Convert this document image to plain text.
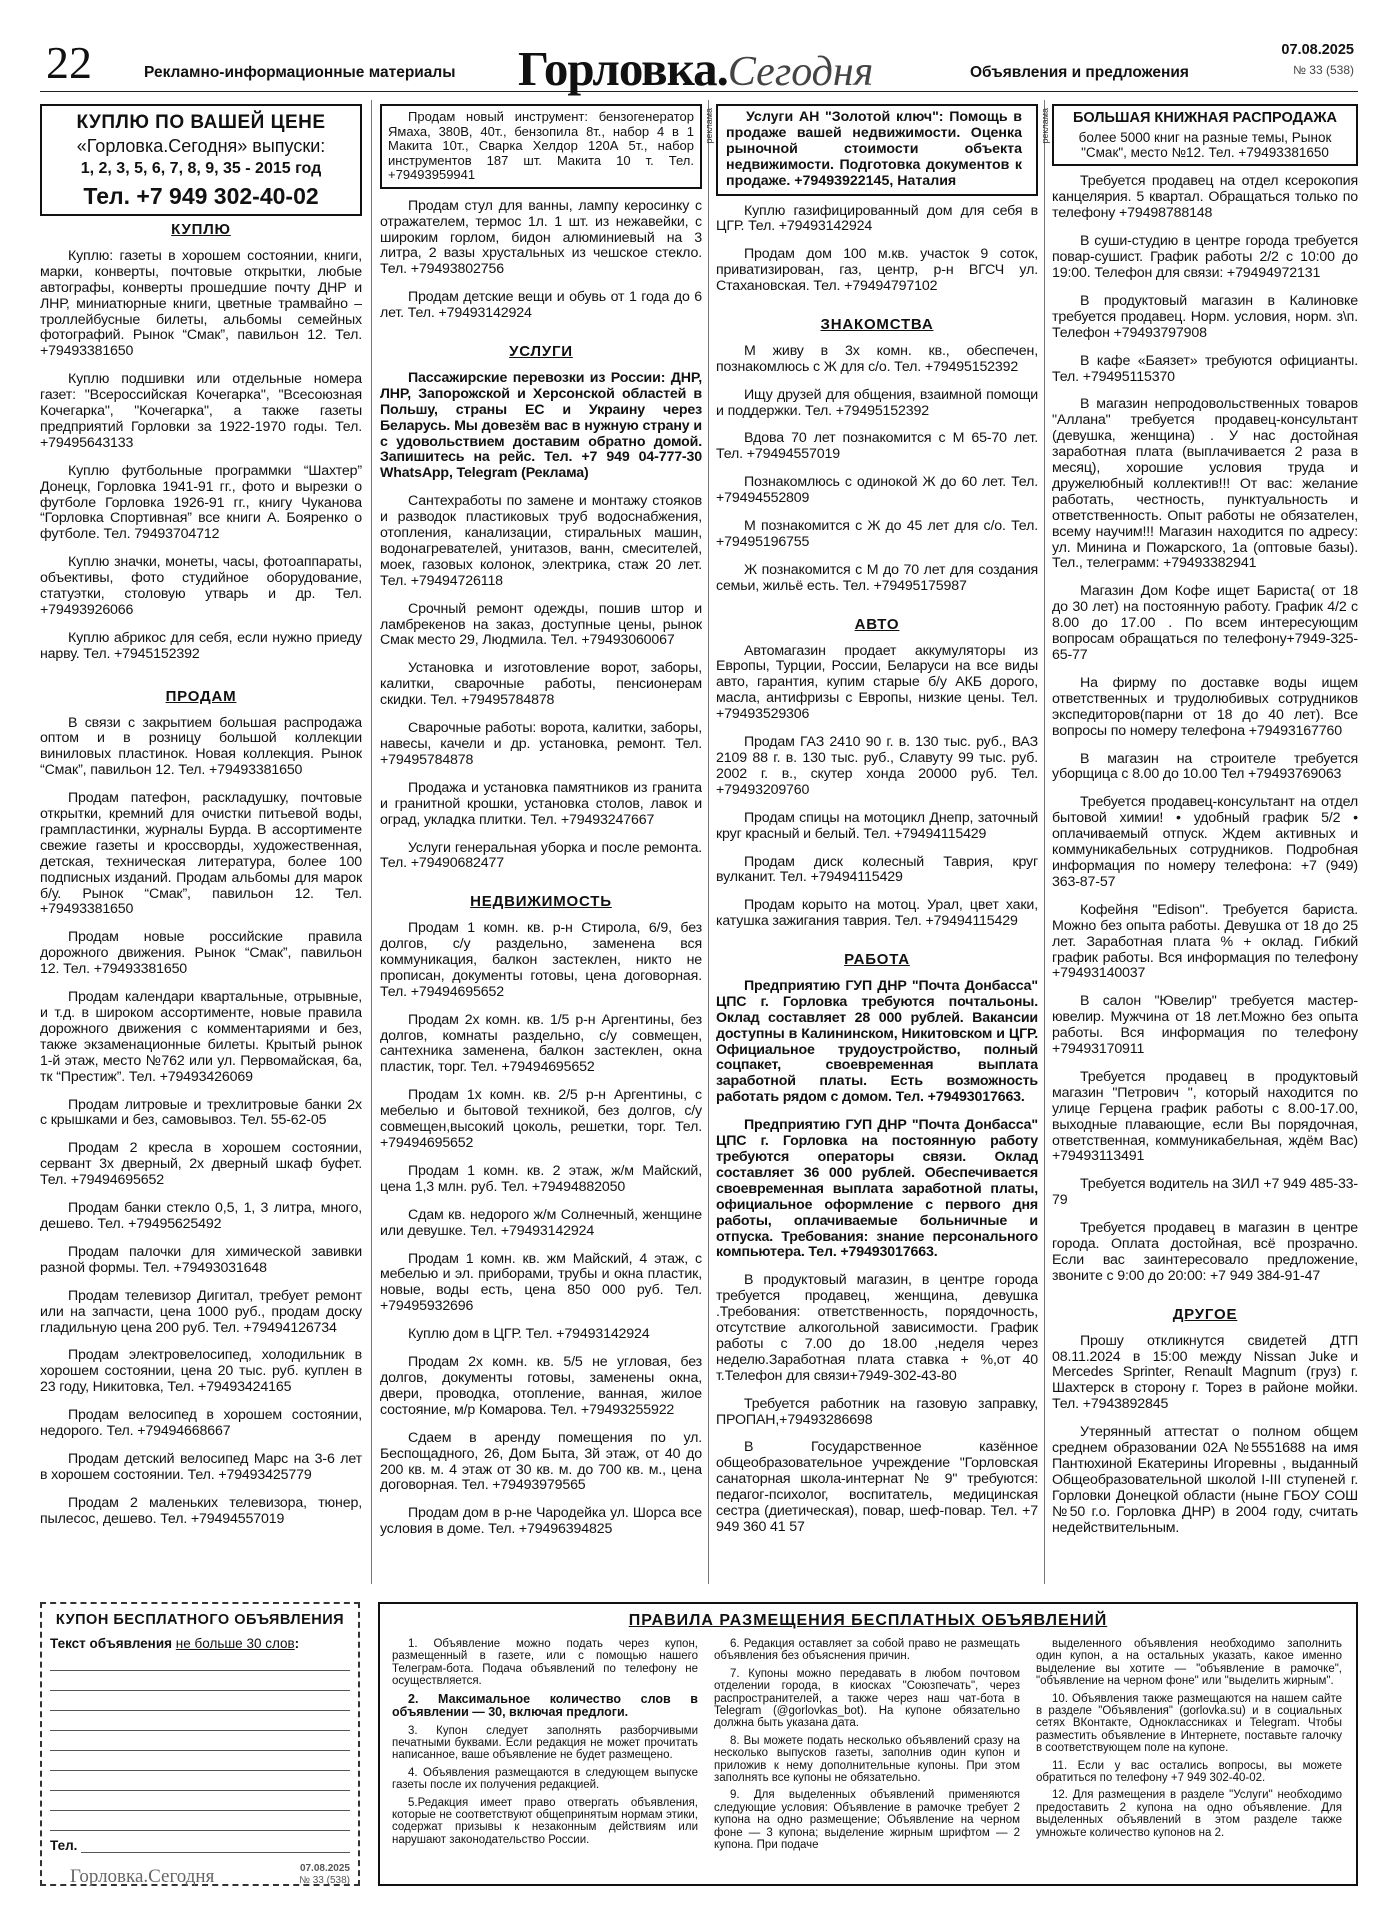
22	Рекламно-информационные материалы Горловка.Сегодня	Объявления и предложения
07.08.2025
№ 33 (538)
КУПЛЮ ПО ВАШЕЙ ЦЕНЕ
«Горловка.Сегодня» выпуски:
1, 2, 3, 5, 6, 7, 8, 9, 35 - 2015 год
Тел. +7 949 302-40-02
КУПЛЮ

Куплю: газеты в хорошем состоянии, книги, марки, конверты, почтовые открытки, любые автографы, конверты прошедшие почту ДНР и ЛНР, миниатюрные книги, цветные трамвайно – троллейбусные билеты, альбомы семейных фотографий. Рынок “Смак”, павильон 12. Тел. +79493381650

Куплю подшивки или отдельные номера газет: "Всероссийская Кочегарка", "Всесоюзная Кочегарка", "Кочегарка", а также газеты предприятий Горловки за 1922-1970 годы. Тел. +79495643133

Куплю футбольные программки “Шахтер” Донецк, Горловка 1941-91 гг., фото и вырезки о футболе Горловка 1926-91 гг., книгу Чуканова “Горловка Спортивная” все книги А. Бояренко о футболе. Тел. 79493704712

Куплю значки, монеты, часы, фотоаппараты, объективы, фото студийное оборудование, статуэтки, столовую утварь и др. Тел. +79493926066

Куплю абрикос для себя, если нужно приеду нарву. Тел. +7945152392

ПРОДАМ

В связи с закрытием большая распродажа оптом и в розницу большой коллекции виниловых пластинок. Новая коллекция. Рынок “Смак”, павильон 12. Тел. +79493381650

Продам патефон, раскладушку, почтовые открытки, кремний для очистки питьевой воды, грампластинки, журналы Бурда. В ассортименте свежие газеты и кроссворды, художественная, детская, техническая литература, более 100 подписных изданий. Продам альбомы для марок б/у. Рынок “Смак”, павильон 12. Тел. +79493381650

Продам новые российские правила дорожного движения. Рынок “Смак”, павильон 12. Тел. +79493381650

Продам календари квартальные, отрывные, и т.д. в широком ассортименте, новые правила дорожного движения с комментариями и без, также экзаменационные билеты. Крытый рынок 1-й этаж, место №762 или ул. Первомайская, 6а, тк “Престиж”. Тел. +79493426069

Продам литровые и трехлитровые банки 2х с крышками и без, самовывоз. Тел. 55-62-05

Продам 2 кресла в хорошем состоянии, сервант 3х дверный, 2х дверный шкаф буфет. Тел. +79494695652

Продам банки стекло 0,5, 1, 3 литра, много, дешево. Тел. +79495625492

Продам палочки для химической завивки разной формы. Тел. +79493031648

Продам телевизор Дигитал, требует ремонт или на запчасти, цена 1000 руб., продам доску гладильную цена 200 руб. Тел. +79494126734

Продам электровелосипед, холодильник в хорошем состоянии, цена 20 тыс. руб. куплен в 23 году, Никитовка, Тел. +79493424165

Продам велосипед в хорошем состоянии, недорого. Тел. +79494668667

Продам детский велосипед Марс на 3-6 лет в хорошем состоянии. Тел. +79493425779

Продам 2 маленьких телевизора, тюнер, пылесос, дешево. Тел. +79494557019

Продам новый инструмент: бензогенератор Ямаха, 380В, 40т., бензопила 8т., набор 4 в 1 Макита 10т., Сварка Хелдор 120А 5т., набор инструментов 187 шт. Макита 10 т. Тел. +79493959941

Продам стул для ванны, лампу керосинку с отражателем, термос 1л. 1 шт. из нежавейки, с широким горлом, бидон алюминиевый на 3 литра, 2 вазы хрустальных из чешское стекло. Тел. +79493802756

Продам детские вещи и обувь от 1 года до 6 лет. Тел. +79493142924

УСЛУГИ

Пассажирские перевозки из России: ДНР, ЛНР, Запорожской и Херсонской областей в Польшу, страны ЕС и Украину через Беларусь. Мы довезём вас в нужную страну и с удовольствием доставим обратно домой. Запишитесь на рейс. Тел. +7 949 04-777-30 WhatsApp, Telegram (Реклама)

Сантехработы по замене и монтажу стояков и разводок пластиковых труб водоснабжения, отопления, канализации, стиральных машин, водонагревателей, унитазов, ванн, смесителей, моек, газовых колонок, электрика, стаж 20 лет. Тел. +79494726118

Срочный ремонт одежды, пошив штор и ламбрекенов на заказ, доступные цены, рынок Смак место 29, Людмила. Тел. +79493060067

Установка и изготовление ворот, заборы, калитки, сварочные работы, пенсионерам скидки. Тел. +79495784878

Сварочные работы: ворота, калитки, заборы, навесы, качели и др. установка, ремонт. Тел. +79495784878

Продажа и установка памятников из гранита и гранитной крошки, установка столов, лавок и оград, укладка плитки. Тел. +79493247667

Услуги генеральная уборка и после ремонта. Тел. +79490682477

НЕДВИЖИМОСТЬ

Продам 1 комн. кв. р-н Стирола, 6/9, без долгов, с/у раздельно, заменена вся коммуникация, балкон застеклен, никто не прописан, документы готовы, цена договорная. Тел. +79494695652

Продам 2х комн. кв. 1/5 р-н Аргентины, без долгов, комнаты раздельно, с/у совмещен, сантехника заменена, балкон застеклен, окна пластик, торг. Тел. +79494695652

Продам 1х комн. кв. 2/5 р-н Аргентины, с мебелью и бытовой техникой, без долгов, с/у совмещен,высокий цоколь, решетки, торг. Тел. +79494695652

Продам 1 комн. кв. 2 этаж, ж/м Майский, цена 1,3 млн. руб. Тел. +79494882050

Сдам кв. недорого ж/м Солнечный, женщине или девушке. Тел. +79493142924

Продам 1 комн. кв. жм Майский, 4 этаж, с мебелью и эл. приборами, трубы и окна пластик, новые, воды есть, цена 850 000 руб. Тел. +79495932696

Куплю дом в ЦГР. Тел. +79493142924

Продам 2х комн. кв. 5/5 не угловая, без долгов, документы готовы, заменены окна, двери, проводка, отопление, ванная, жилое состояние, м/р Комарова. Тел. +79493255922

Сдаем в аренду помещения по ул. Беспощадного, 26, Дом Быта, 3й этаж, от 40 до 200 кв. м. 4 этаж от 30 кв. м. до 700 кв. м., цена договорная. Тел. +79493979565

Продам дом в р-не Чародейка ул. Шорса все условия в доме. Тел. +79496394825

Услуги АН "Золотой ключ": Помощь в продаже вашей недвижимости. Оценка рыночной стоимости объекта недвижимости. Подготовка документов к продаже. +79493922145, Наталия

Куплю газифицированный дом для себя в ЦГР. Тел. +79493142924

Продам дом 100 м.кв. участок 9 соток, приватизирован, газ, центр, р-н ВГСЧ ул. Стахановская. Тел. +79494797102

ЗНАКОМСТВА

М живу в 3х комн. кв., обеспечен, познакомлюсь с Ж для с/о. Тел. +79495152392

Ищу друзей для общения, взаимной помощи и поддержки. Тел. +79495152392

Вдова 70 лет познакомится с М 65-70 лет. Тел. +79494557019

Познакомлюсь с одинокой Ж до 60 лет. Тел. +79494552809

М познакомится с Ж до 45 лет для с/о. Тел. +79495196755

Ж познакомится с М до 70 лет для создания семьи, жильё есть. Тел. +79495175987

АВТО

Автомагазин продает аккумуляторы из Европы, Турции, России, Беларуси на все виды авто, гарантия, купим старые б/у АКБ дорого, масла, антифризы с Европы, низкие цены. Тел. +79493529306

Продам ГАЗ 2410 90 г. в. 130 тыс. руб., ВАЗ 2109 88 г. в. 130 тыс. руб., Славуту 99 тыс. руб. 2002 г. в., скутер хонда 20000 руб. Тел. +79493209760

Продам спицы на мотоцикл Днепр, заточный круг красный и белый. Тел. +79494115429

Продам диск колесный Таврия, круг вулканит. Тел. +79494115429

Продам корыто на мотоц. Урал, цвет хаки, катушка зажигания таврия. Тел. +79494115429

РАБОТА

Предприятию ГУП ДНР "Почта Донбасса" ЦПС г. Горловка требуются почтальоны. Оклад составляет 28 000 рублей. Вакансии доступны в Калининском, Никитовском и ЦГР. Официальное трудоустройство, полный соцпакет, своевременная выплата заработной платы. Есть возможность работать рядом с домом. Тел. +79493017663.

Предприятию ГУП ДНР "Почта Донбасса" ЦПС г. Горловка на постоянную работу требуются операторы связи. Оклад составляет 36 000 рублей. Обеспечивается своевременная выплата заработной платы, официальное оформление с первого дня работы, оплачиваемые больничные и отпуска. Требования: знание персонального компьютера. Тел. +79493017663.

В продуктовый магазин, в центре города требуется продавец, женщина, девушка .Требования: ответственность, порядочность, отсутствие алкогольной зависимости. График работы с 7.00 до 18.00 ,неделя через неделю.Заработная плата ставка + %,от 40 т.Телефон для связи+7949-302-43-80

Требуется работник на газовую заправку, ПРОПАН,+79493286698

В Государственное казённое общеобразовательное учреждение "Горловская санаторная школа-интернат № 9" требуются: педагог-психолог, воспитатель, медицинская сестра (диетическая), повар, шеф-повар. Тел. +7 949 360 41 57

реклама	реклама	БОЛЬШАЯ КНИЖНАЯ РАСПРОДАЖА
более 5000 книг на разные темы, Рынок "Смак", место №12. Тел. +79493381650

Требуется продавец на отдел ксерокопия канцелярия. 5 квартал. Обращаться только по телефону +79498788148

В суши-студию в центре города требуется повар-сушист. График работы 2/2 с 10:00 до 19:00. Телефон для связи: +79494972131

В продуктовый магазин в Калиновке требуется продавец. Норм. условия, норм. з\п. Телефон +79493797908

В кафе «Баязет» требуются официанты. Тел. +79495115370

В магазин непродовольственных товаров "Аллана" требуется продавец-консультант (девушка, женщина) . У нас достойная заработная плата (выплачивается 2 раза в месяц), хорошие условия труда и дружелюбный коллектив!!! От вас: желание работать, честность, пунктуальность и ответственность. Опыт работы не обязателен, всему научим!!! Магазин находится по адресу: ул. Минина и Пожарского, 1а (оптовые базы). Тел., телеграмм: +79493382941

Магазин Дом Кофе ищет Бариста( от 18 до 30 лет) на постоянную работу. График 4/2 с 8.00 до 17.00 . По всем интересующим вопросам обращаться по телефону+7949-325-65-77

На фирму по доставке воды ищем ответственных и трудолюбивых сотрудников экспедиторов(парни от 18 до 40 лет). Все вопросы по номеру телефона +79493167760

В магазин на строителе требуется уборщица с 8.00 до 10.00 Тел +79493769063

Требуется продавец-консультант на отдел бытовой химии! • удобный график 5/2 • оплачиваемый отпуск. Ждем активных и коммуникабельных сотрудников. Подробная информация по номеру телефона: +7 (949) 363-87-57

Кофейня "Edison". Требуется бариста. Можно без опыта работы. Девушка от 18 до 25 лет. Заработная плата % + оклад. Гибкий график работы. Вся информация по телефону +79493140037

В салон "Ювелир" требуется мастер-ювелир. Мужчина от 18 лет.Можно без опыта работы. Вся информация по телефону +79493170911

Требуется продавец в продуктовый магазин "Петрович ", который находится по улице Герцена график работы с 8.00-17.00, выходные плавающие, если Вы порядочная, ответственная, коммуникабельная, ждём Вас) +79493113491

Требуется водитель на ЗИЛ +7 949 485-33-79

Требуется продавец в магазин в центре города. Оплата достойная, всё прозрачно. Если вас заинтересовало предложение, звоните с 9:00 до 20:00: +7 949 384-91-47

ДРУГОЕ

Прошу откликнутся свидетей ДТП 08.11.2024 в 15:00 между Nissan Juke и Mercedes Sprinter, Renault Magnum (груз) г. Шахтерск в сторону г. Торез в районе мойки. Тел. +7943892845

Утерянный аттестат о полном общем среднем образовании 02А №5551688 на имя Пантюхиной Екатерины Игоревны , выданный Общеобразовательной школой I-III ступеней г. Горловки Донецкой области (ныне ГБОУ СОШ №50 г.о. Горловка ДНР) в 2004 году, считать недействительным.

КУПОН БЕСПЛАТНОГО ОБЪЯВЛЕНИЯ
Текст объявления не больше 30 слов:
Тел.
Горловка.Сегодня	07.08.2025
№ 33 (538)
ПРАВИЛА РАЗМЕЩЕНИЯ БЕСПЛАТНЫХ ОБЪЯВЛЕНИЙ

1. Объявление можно подать через купон, размещенный в газете, или с помощью нашего Телеграм-бота. Подача объявлений по телефону не осуществляется.

2. Максимальное количество слов в объявлении — 30, включая предлоги.

3. Купон следует заполнять разборчивыми печатными буквами. Если редакция не может прочитать написанное, ваше объявление не будет размещено.

4. Объявления размещаются в следующем выпуске газеты после их получения редакцией.

5.Редакция имеет право отвергать объявления, которые не соответствуют общепринятым нормам этики, содержат призывы к незаконным действиям или нарушают законодательство России.

6. Редакция оставляет за собой право не размещать объявления без объяснения причин.

7. Купоны можно передавать в любом почтовом отделении города, в киосках "Союзпечать", через распространителей, а также через наш чат-бота в Telegram (@gorlovkas_bot). На купоне обязательно должна быть указана дата.

8. Вы можете подать несколько объявлений сразу на несколько выпусков газеты, заполнив один купон и приложив к нему дополнительные купоны. При этом заполнять все купоны не обязательно.

9. Для выделенных объявлений применяются следующие условия: Объявление в рамочке требует 2 купона на одно размещение; Объявление на черном фоне — 3 купона; выделение жирным шрифтом — 2 купона. При подаче

выделенного объявления необходимо заполнить один купон, а на остальных указать, какое именно выделение вы хотите — "объявление в рамочке", "объявление на черном фоне" или "выделить жирным".

10. Объявления также размещаются на нашем сайте в разделе "Объявления" (gorlovka.su) и в социальных сетях ВКонтакте, Одноклассниках и Telegram. Чтобы разместить объявление в Интернете, поставьте галочку в соответствующем поле на купоне.

11. Если у вас остались вопросы, вы можете обратиться по телефону +7 949 302-40-02.

12. Для размещения в разделе "Услуги" необходимо предоставить 2 купона на одно объявление. Для выделенных объявлений в этом разделе также умножьте количество купонов на 2.
